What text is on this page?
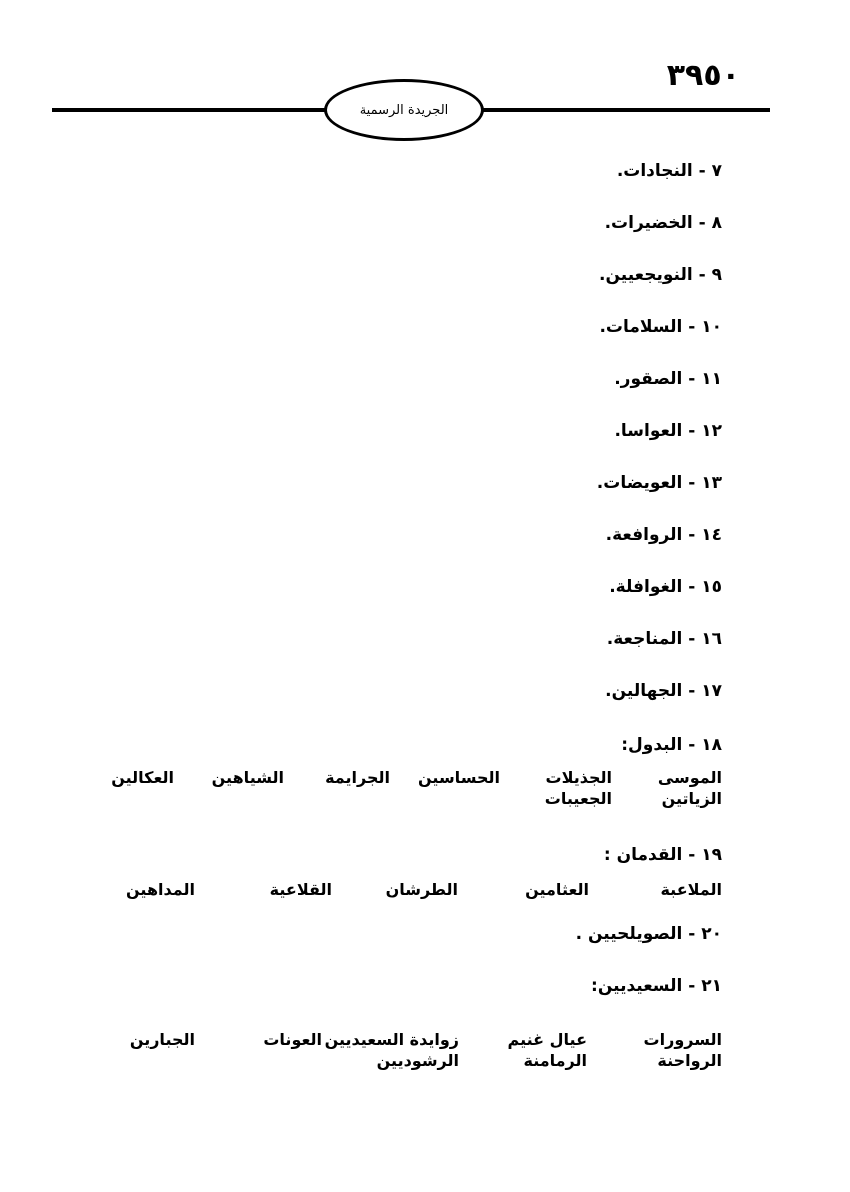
٣٩٥٠
الجريدة الرسمية
٧ - النجادات.
٨ - الخضيرات.
٩ - النويجعيين.
١٠ - السلامات.
١١ - الصقور.
١٢ - العواسا.
١٣ - العويضات.
١٤ - الروافعة.
١٥ - الغوافلة.
١٦ - المناجعة.
١٧ - الجهالين.
١٨ - البدول:
الموسى
الجذيلات
الحساسين
الجرايمة
الشياهين
العكالين
الزياتين
الجعيبات
١٩ - القدمان :
الملاعبة
العثامين
الطرشان
القلاعية
المداهين
٢٠ - الصويلحيين .
٢١ - السعيديين:
السرورات
عيال غنيم
زوايدة السعيديين
العونات
الجبارين
الرواحنة
الرمامنة
الرشوديين
